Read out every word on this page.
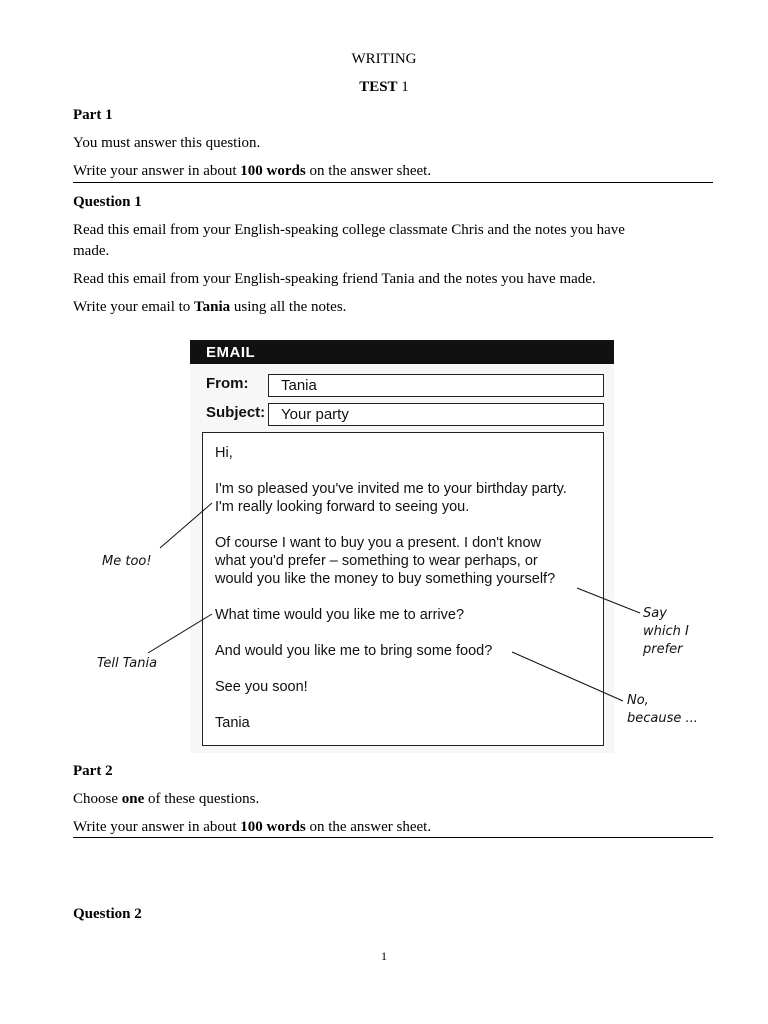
WRITING
TEST 1
Part 1
You must answer this question.
Write your answer in about 100 words on the answer sheet.
Question 1
Read this email from your English-speaking college classmate Chris and the notes you have
made.
Read this email from your English-speaking friend Tania and the notes you have made.
Write your email to Tania using all the notes.
EMAIL
From: Tania
Subject: Your party
Hi,
I'm so pleased you've invited me to your birthday party.
I'm really looking forward to seeing you.
Of course I want to buy you a present. I don't know
what you'd prefer – something to wear perhaps, or
would you like the money to buy something yourself?
What time would you like me to arrive?
And would you like me to bring some food?
See you soon!
Tania
Me too!
Tell Tania
Say
which I
prefer
No,
because ...
Part 2
Choose one of these questions.
Write your answer in about 100 words on the answer sheet.
Question 2
1
